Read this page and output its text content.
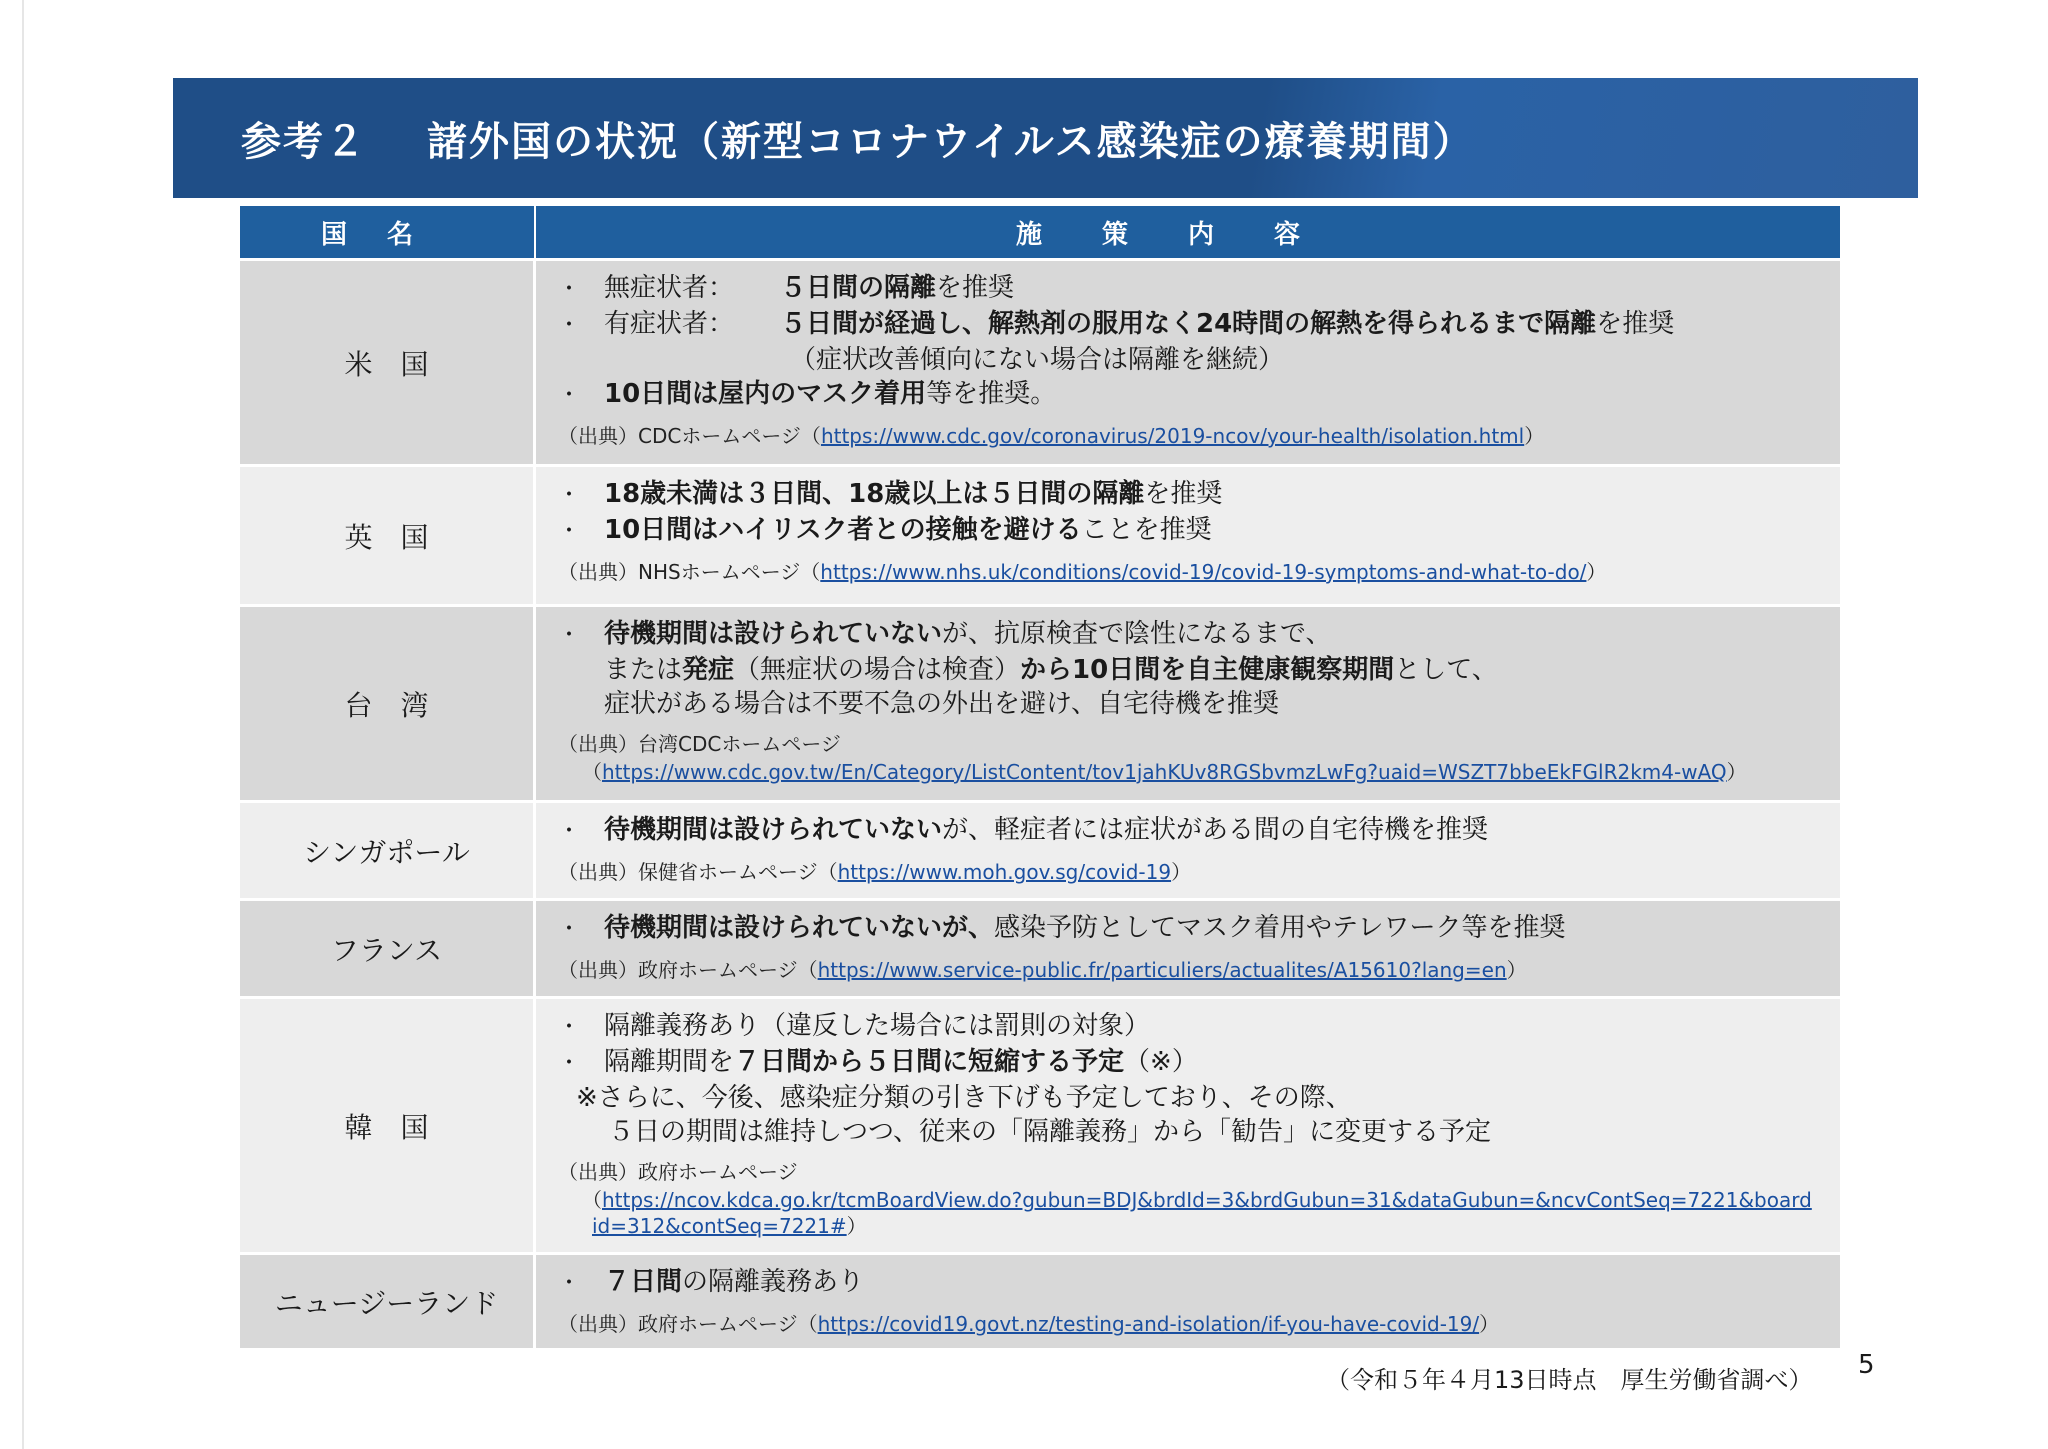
参考２ 諸外国の状況（新型コロナウイルス感染症の療養期間）
国名	施策内容
米　国
・ 無症状者： ５日間の隔離を推奨
・ 有症状者： ５日間が経過し、解熱剤の服用なく24時間の解熱を得られるまで隔離を推奨
（症状改善傾向にない場合は隔離を継続）
・ 10日間は屋内のマスク着用等を推奨。
（出典）CDCホームページ（https://www.cdc.gov/coronavirus/2019-ncov/your-health/isolation.html）
英　国
・ 18歳未満は３日間、18歳以上は５日間の隔離を推奨
・ 10日間はハイリスク者との接触を避けることを推奨
（出典）NHSホームページ（https://www.nhs.uk/conditions/covid-19/covid-19-symptoms-and-what-to-do/）
台　湾
・ 待機期間は設けられていないが、抗原検査で陰性になるまで、
または発症（無症状の場合は検査）から10日間を自主健康観察期間として、
症状がある場合は不要不急の外出を避け、自宅待機を推奨
（出典）台湾CDCホームページ
（https://www.cdc.gov.tw/En/Category/ListContent/tov1jahKUv8RGSbvmzLwFg?uaid=WSZT7bbeEkFGlR2km4-wAQ）
シンガポール
・ 待機期間は設けられていないが、軽症者には症状がある間の自宅待機を推奨
（出典）保健省ホームページ（https://www.moh.gov.sg/covid-19）
フランス
・ 待機期間は設けられていないが、感染予防としてマスク着用やテレワーク等を推奨
（出典）政府ホームページ（https://www.service-public.fr/particuliers/actualites/A15610?lang=en）
韓　国
・ 隔離義務あり（違反した場合には罰則の対象）
・ 隔離期間を７日間から５日間に短縮する予定（※）
※さらに、今後、感染症分類の引き下げも予定しており、その際、
５日の期間は維持しつつ、従来の「隔離義務」から「勧告」に変更する予定
（出典）政府ホームページ
（https://ncov.kdca.go.kr/tcmBoardView.do?gubun=BDJ&brdId=3&brdGubun=31&dataGubun=&ncvContSeq=7221&board
id=312&contSeq=7221#）
ニュージーランド
・ ７日間の隔離義務あり
（出典）政府ホームページ（https://covid19.govt.nz/testing-and-isolation/if-you-have-covid-19/）
（令和５年４月13日時点　厚生労働省調べ） 5
